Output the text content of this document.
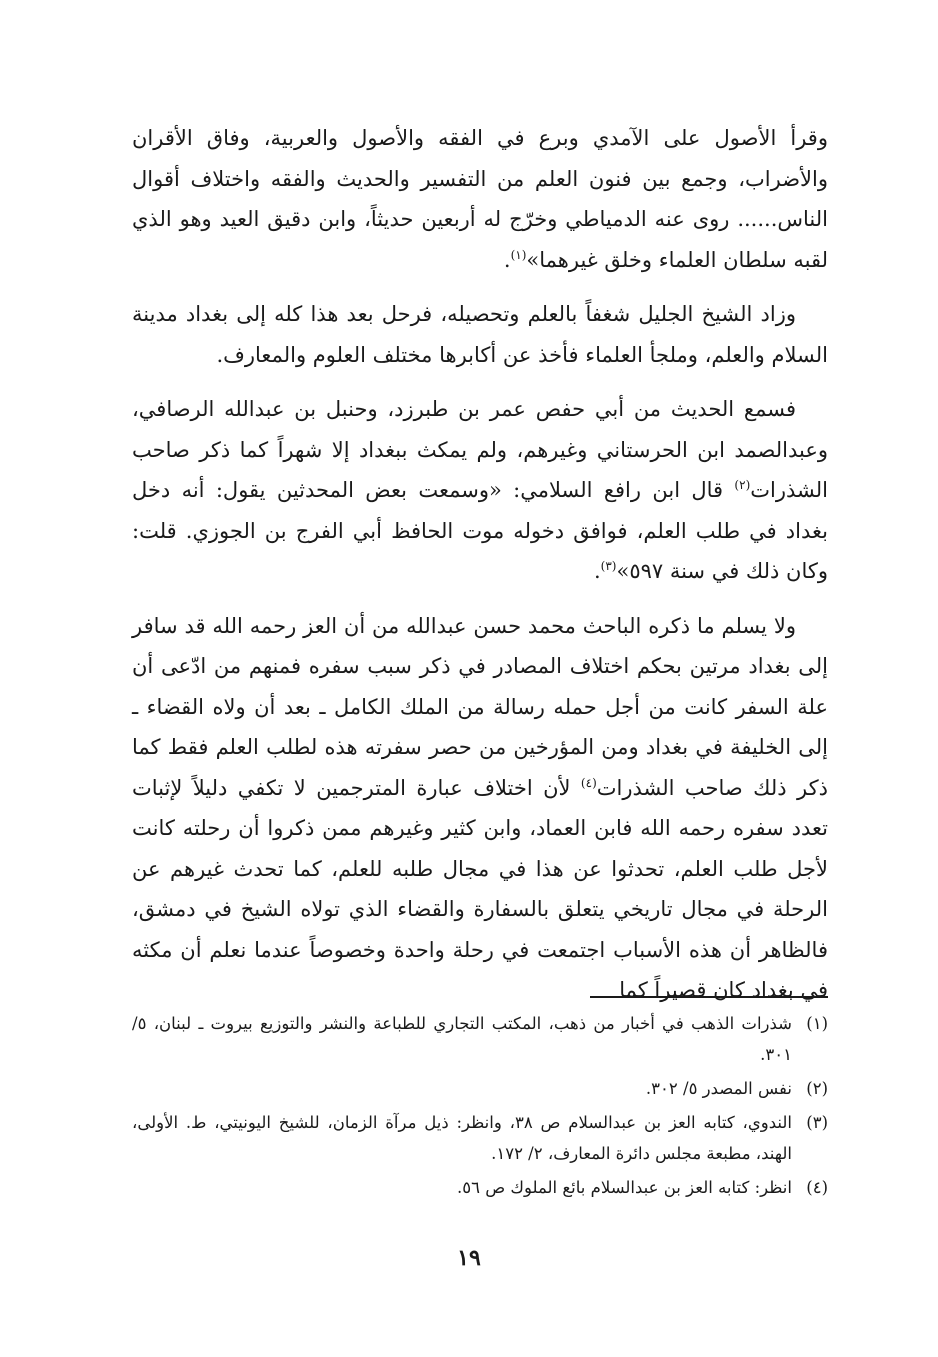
وقرأ الأصول على الآمدي وبرع في الفقه والأصول والعربية، وفاق الأقران والأضراب، وجمع بين فنون العلم من التفسير والحديث والفقه واختلاف أقوال الناس...... روى عنه الدمياطي وخرّج له أربعين حديثاً، وابن دقيق العيد وهو الذي لقبه سلطان العلماء وخلق غيرهما»$^{(١)}$.

وزاد الشيخ الجليل شغفاً بالعلم وتحصيله، فرحل بعد هذا كله إلى بغداد مدينة السلام والعلم، وملجأ العلماء فأخذ عن أكابرها مختلف العلوم والمعارف.

فسمع الحديث من أبي حفص عمر بن طبرزد، وحنبل بن عبدالله الرصافي، وعبدالصمد ابن الحرستاني وغيرهم، ولم يمكث ببغداد إلا شهراً كما ذكر صاحب الشذرات$^{(٢)}$ قال ابن رافع السلامي: «وسمعت بعض المحدثين يقول: أنه دخل بغداد في طلب العلم، فوافق دخوله موت الحافظ أبي الفرج بن الجوزي. قلت: وكان ذلك في سنة ٥٩٧»$^{(٣)}$.

ولا يسلم ما ذكره الباحث محمد حسن عبدالله من أن العز رحمه الله قد سافر إلى بغداد مرتين بحكم اختلاف المصادر في ذكر سبب سفره فمنهم من ادّعى أن علة السفر كانت من أجل حمله رسالة من الملك الكامل ـ بعد أن ولاه القضاء ـ إلى الخليفة في بغداد ومن المؤرخين من حصر سفرته هذه لطلب العلم فقط كما ذكر ذلك صاحب الشذرات$^{(٤)}$ لأن اختلاف عبارة المترجمين لا تكفي دليلاً لإثبات تعدد سفره رحمه الله فابن العماد، وابن كثير وغيرهم ممن ذكروا أن رحلته كانت لأجل طلب العلم، تحدثوا عن هذا في مجال طلبه للعلم، كما تحدث غيرهم عن الرحلة في مجال تاريخي يتعلق بالسفارة والقضاء الذي تولاه الشيخ في دمشق، فالظاهر أن هذه الأسباب اجتمعت في رحلة واحدة وخصوصاً عندما نعلم أن مكثه في بغداد كان قصيراً كما

(١)
شذرات الذهب في أخبار من ذهب، المكتب التجاري للطباعة والنشر والتوزيع بيروت ـ لبنان، ٥/ ٣٠١.
(٢)
نفس المصدر ٥/ ٣٠٢.
(٣)
الندوي، كتابه العز بن عبدالسلام ص ٣٨، وانظر: ذيل مرآة الزمان، للشيخ اليونيتي، ط. الأولى، الهند، مطبعة مجلس دائرة المعارف، ٢/ ١٧٢.
(٤)
انظر: كتابه العز بن عبدالسلام بائع الملوك ص ٥٦.
١٩
